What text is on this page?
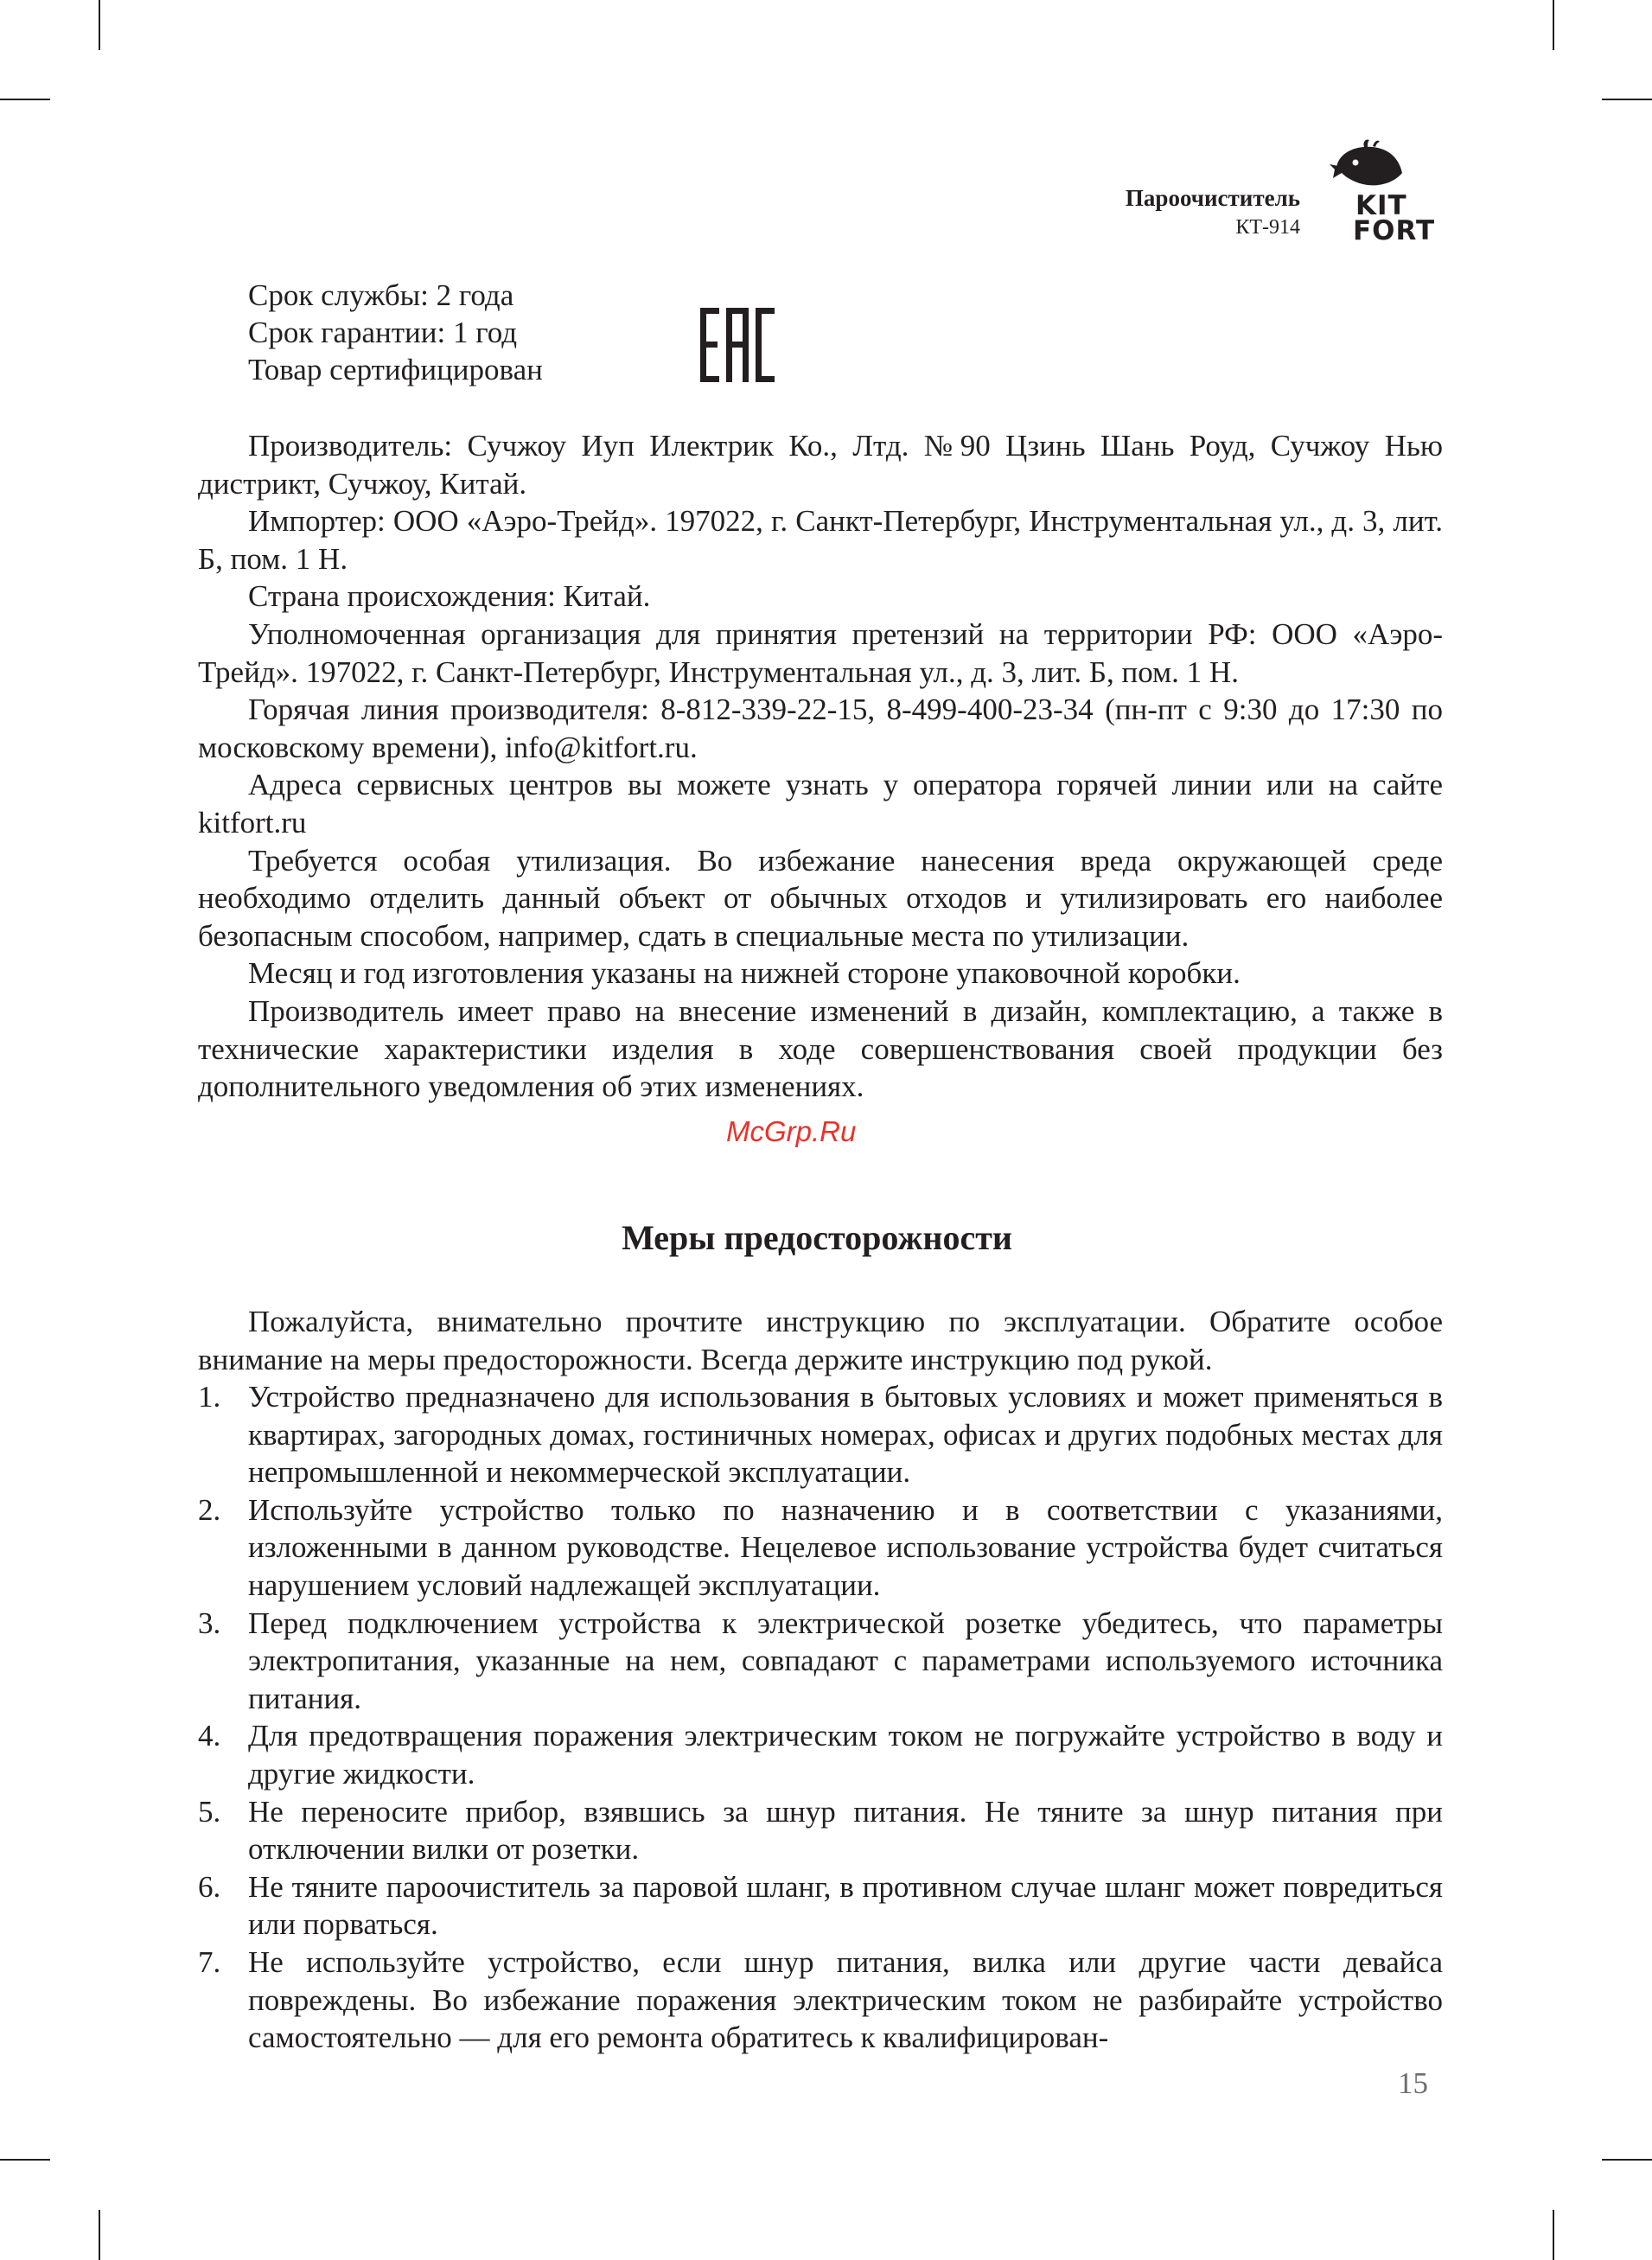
Пароочиститель
КТ-914
KIT
FORT
Срок службы: 2 года
Срок гарантии: 1 год
Товар сертифицирован

Производитель: Сучжоу Иуп Илектрик Ко., Лтд. №90 Цзинь Шань Роуд, Сучжоу Нью дистрикт, Сучжоу, Китай.

Импортер: ООО «Аэро-Трейд». 197022, г. Санкт-Петербург, Инструментальная ул., д. 3, лит. Б, пом. 1 Н.

Страна происхождения: Китай.

Уполномоченная организация для принятия претензий на территории РФ: ООО «Аэро-Трейд». 197022, г. Санкт-Петербург, Инструментальная ул., д. 3, лит. Б, пом. 1 Н.

Горячая линия производителя: 8-812-339-22-15, 8-499-400-23-34 (пн-пт с 9:30 до 17:30 по московскому времени), info@kitfort.ru.

Адреса сервисных центров вы можете узнать у оператора горячей линии или на сайте kitfort.ru

Требуется особая утилизация. Во избежание нанесения вреда окружающей среде необходимо отделить данный объект от обычных отходов и утилизировать его наиболее безопасным способом, например, сдать в специальные места по утилизации.

Месяц и год изготовления указаны на нижней стороне упаковочной коробки.

Производитель имеет право на внесение изменений в дизайн, комплектацию, а также в технические характеристики изделия в ходе совершенствования своей продукции без дополнительного уведомления об этих изменениях.

McGrp.Ru
Меры предосторожности

Пожалуйста, внимательно прочтите инструкцию по эксплуатации. Обратите особое внимание на меры предосторожности. Всегда держите инструкцию под рукой.

1. Устройство предназначено для использования в бытовых условиях и может применяться в квартирах, загородных домах, гостиничных номерах, офисах и других подобных местах для непромышленной и некоммерческой эксплуатации.
2. Используйте устройство только по назначению и в соответствии с указаниями, изложенными в данном руководстве. Нецелевое использование устройства будет считаться нарушением условий надлежащей эксплуатации.
3. Перед подключением устройства к электрической розетке убедитесь, что параметры электропитания, указанные на нем, совпадают с параметрами используемого источника питания.
4. Для предотвращения поражения электрическим током не погружайте устройство в воду и другие жидкости.
5. Не переносите прибор, взявшись за шнур питания. Не тяните за шнур питания при отключении вилки от розетки.
6. Не тяните пароочиститель за паровой шланг, в противном случае шланг может повредиться или порваться.
7. Не используйте устройство, если шнур питания, вилка или другие части девайса повреждены. Во избежание поражения электрическим током не разбирайте устройство самостоятельно — для его ремонта обратитесь к квалифицирован-
15
